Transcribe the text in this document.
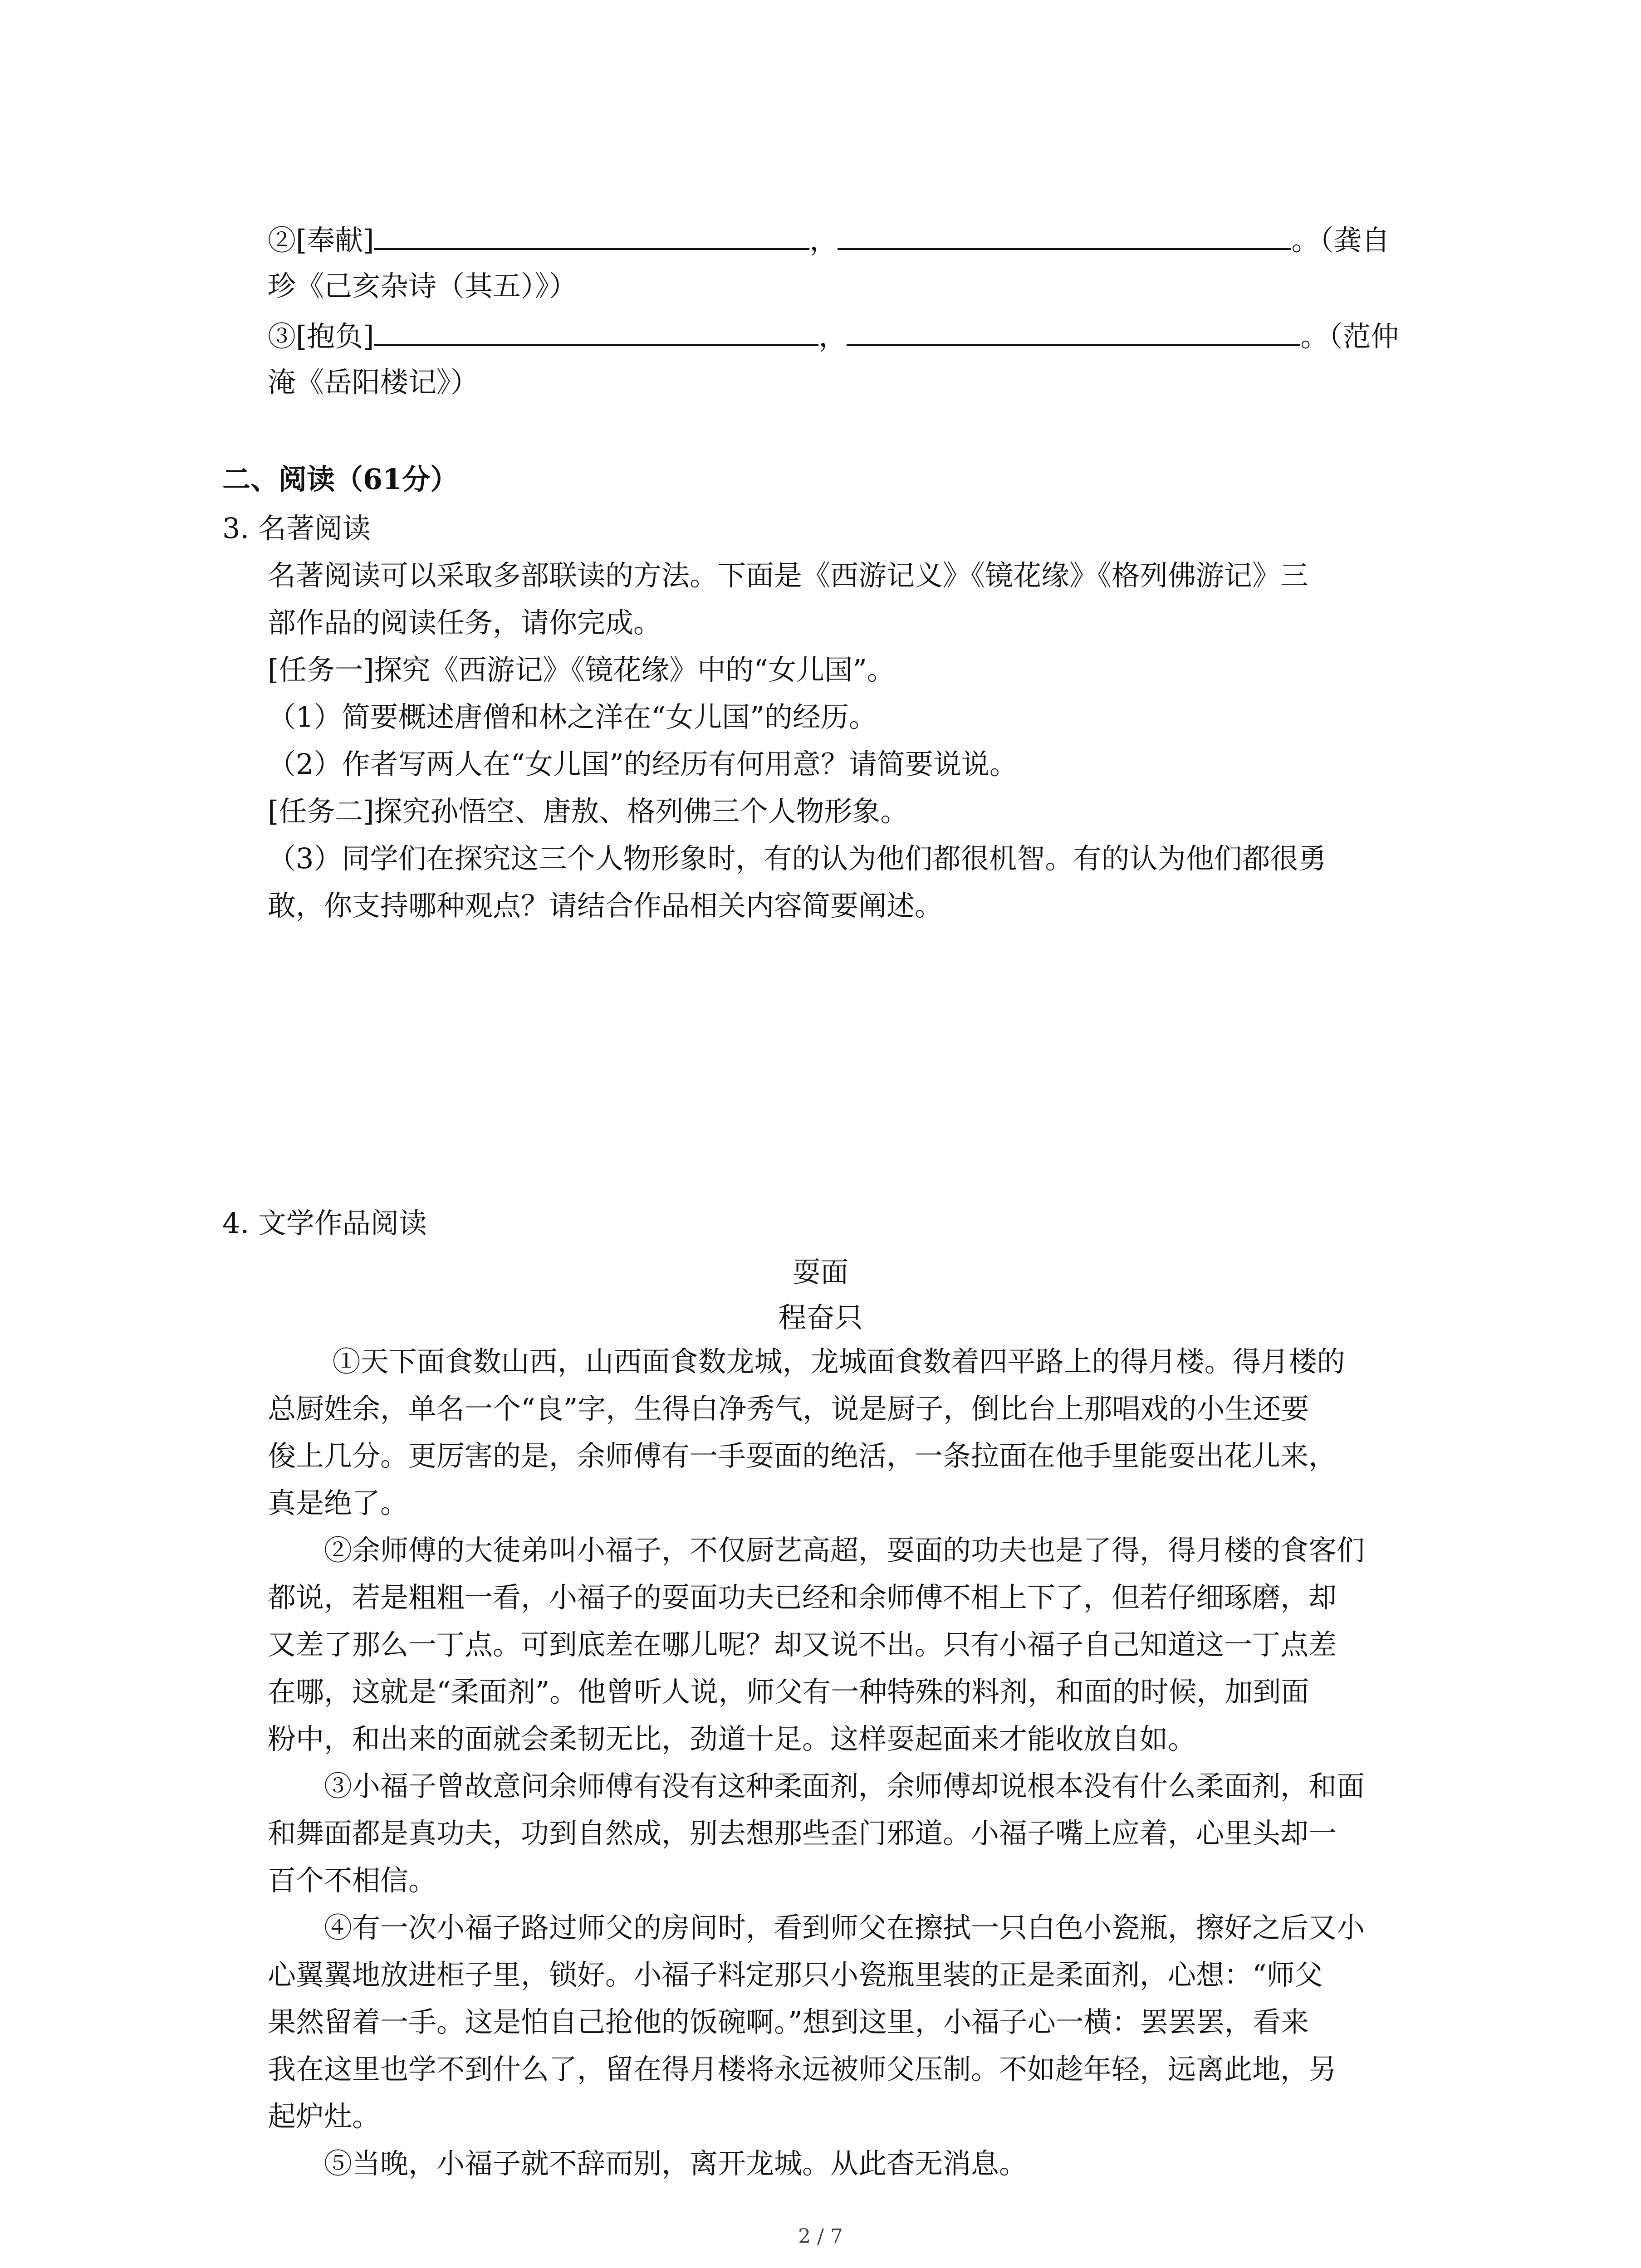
②[奉献]	，	。（龚自
珍《己亥杂诗（其五）》）
③[抱负]	，	。（范仲
淹《岳阳楼记》）
二、阅读（61分）
3. 名著阅读
名著阅读可以采取多部联读的方法。下面是《西游记义》《镜花缘》《格列佛游记》三
部作品的阅读任务，请你完成。
[任务一]探究《西游记》《镜花缘》中的“女儿国”。
（1）简要概述唐僧和林之洋在“女儿国”的经历。
（2）作者写两人在“女儿国”的经历有何用意？请简要说说。
[任务二]探究孙悟空、唐敖、格列佛三个人物形象。
（3）同学们在探究这三个人物形象时，有的认为他们都很机智。有的认为他们都很勇
敢，你支持哪种观点？请结合作品相关内容简要阐述。
4. 文学作品阅读
耍面
程奋只
①天下面食数山西，山西面食数龙城，龙城面食数着四平路上的得月楼。得月楼的
总厨姓余，单名一个“良”字，生得白净秀气，说是厨子，倒比台上那唱戏的小生还要
俊上几分。更厉害的是，余师傅有一手耍面的绝活，一条拉面在他手里能耍出花儿来，
真是绝了。
②余师傅的大徒弟叫小福子，不仅厨艺高超，耍面的功夫也是了得，得月楼的食客们
都说，若是粗粗一看，小福子的耍面功夫已经和余师傅不相上下了，但若仔细琢磨，却
又差了那么一丁点。可到底差在哪儿呢？却又说不出。只有小福子自己知道这一丁点差
在哪，这就是“柔面剂”。他曾听人说，师父有一种特殊的料剂，和面的时候，加到面
粉中，和出来的面就会柔韧无比，劲道十足。这样耍起面来才能收放自如。
③小福子曾故意问余师傅有没有这种柔面剂，余师傅却说根本没有什么柔面剂，和面
和舞面都是真功夫，功到自然成，别去想那些歪门邪道。小福子嘴上应着，心里头却一
百个不相信。
④有一次小福子路过师父的房间时，看到师父在擦拭一只白色小瓷瓶，擦好之后又小
心翼翼地放进柜子里，锁好。小福子料定那只小瓷瓶里装的正是柔面剂，心想：“师父
果然留着一手。这是怕自己抢他的饭碗啊。”想到这里，小福子心一横：罢罢罢，看来
我在这里也学不到什么了，留在得月楼将永远被师父压制。不如趁年轻，远离此地，另
起炉灶。
⑤当晚，小福子就不辞而别，离开龙城。从此杳无消息。
2 / 7
